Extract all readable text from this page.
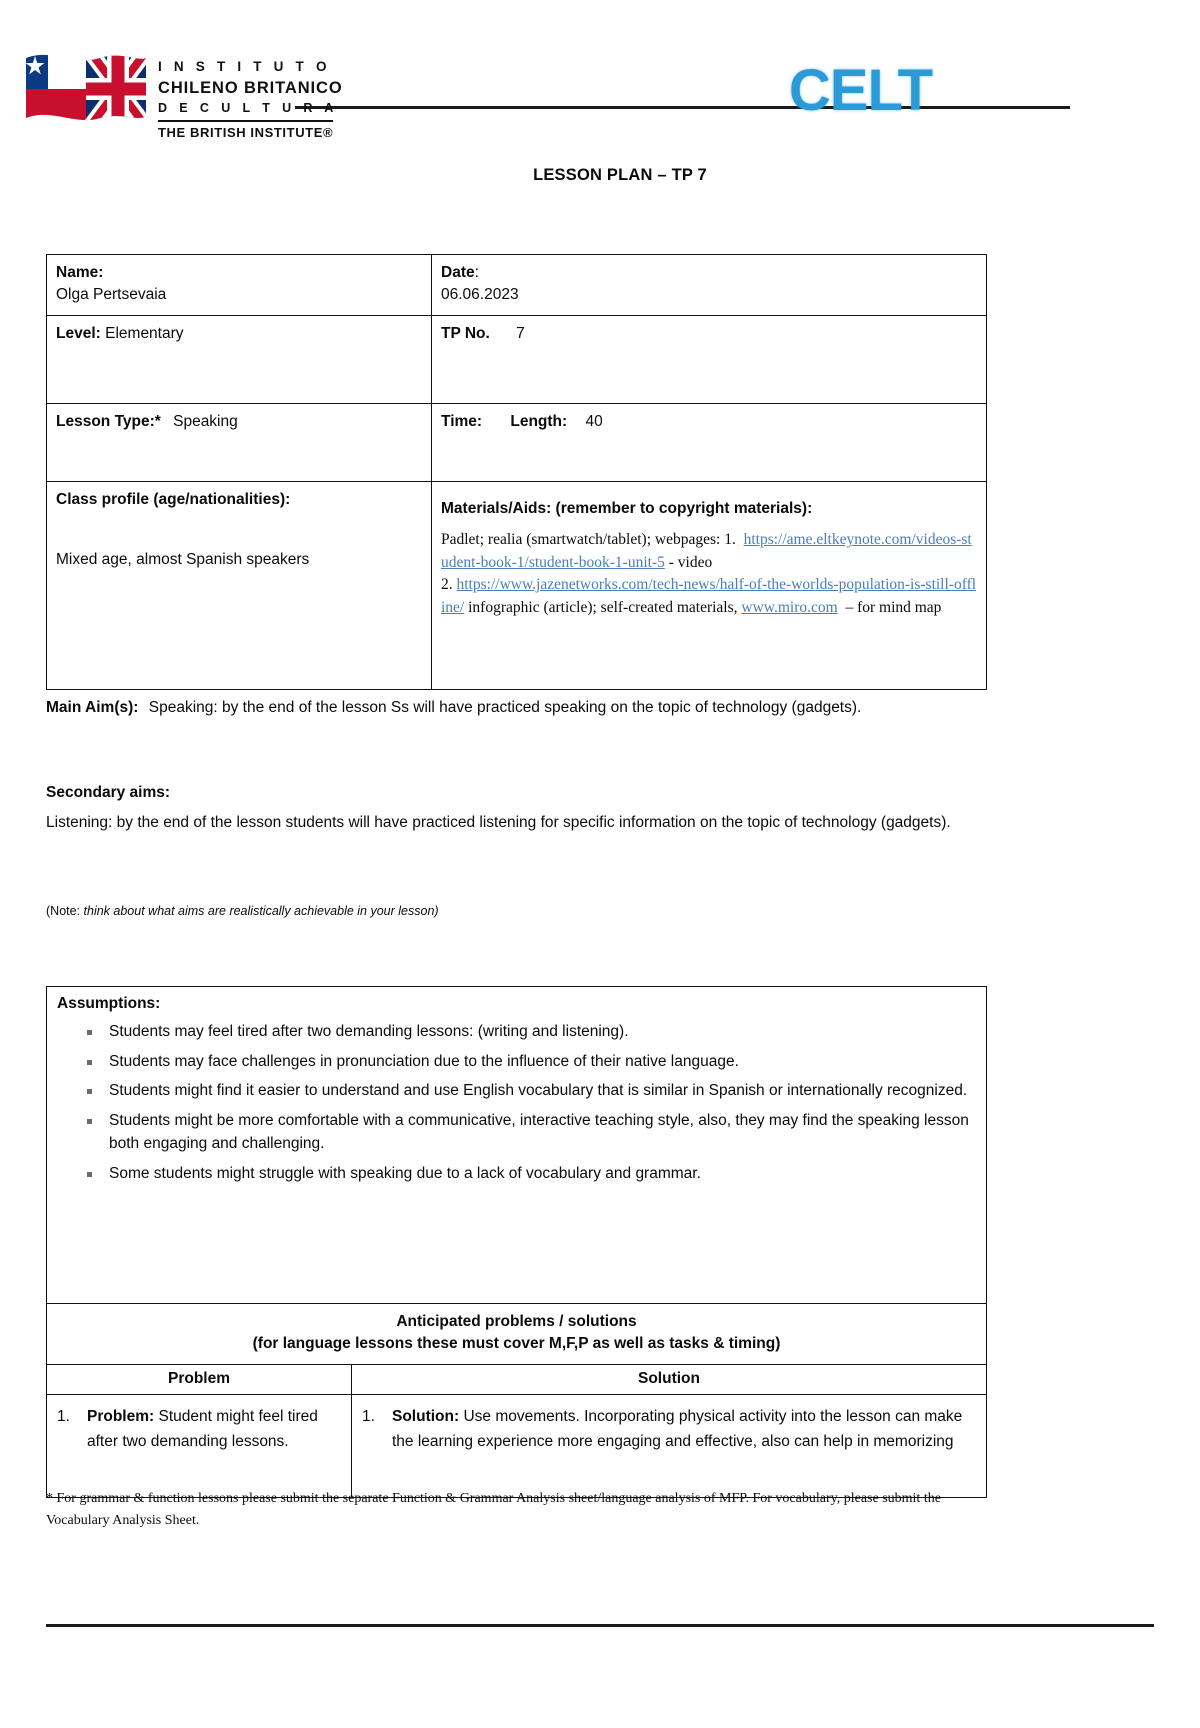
I N S T I T U T O
CHILENO BRITANICO
D E C U L T U R A
THE BRITISH INSTITUTE®
CELT
LESSON PLAN – TP 7
Name:
Olga Pertsevaia

Date:
06.06.2023

Level: Elementary	TP No. 7
Lesson Type:* Speaking	Time: Length: 40

Class profile (age/nationalities):
Mixed age, almost Spanish speakers

Materials/Aids: (remember to copyright materials):
Padlet; realia (smartwatch/tablet); webpages: 1. https://ame.eltkeynote.com/videos-student-book-1/student-book-1-unit-5 - video
2. https://www.jazenetworks.com/tech-news/half-of-the-worlds-population-is-still-offline/ infographic (article); self-created materials, www.miro.com – for mind map
Main Aim(s): Speaking: by the end of the lesson Ss will have practiced speaking on the topic of technology (gadgets).
Secondary aims:
Listening: by the end of the lesson students will have practiced listening for specific information on the topic of technology (gadgets).
(Note: think about what aims are realistically achievable in your lesson)
Assumptions:
Students may feel tired after two demanding lessons: (writing and listening).
Students may face challenges in pronunciation due to the influence of their native language.
Students might find it easier to understand and use English vocabulary that is similar in Spanish or internationally recognized.
Students might be more comfortable with a communicative, interactive teaching style, also, they may find the speaking lesson both engaging and challenging.
Some students might struggle with speaking due to a lack of vocabulary and grammar.

Anticipated problems / solutions
(for language lessons these must cover M,F,P as well as tasks & timing)	

Problem	Solution

1. Problem: Student might feel tired
after two demanding lessons.

1. Solution: Use movements. Incorporating physical activity into the lesson can make
the learning experience more engaging and effective, also can help in memorizing
* For grammar & function lessons please submit the separate Function & Grammar Analysis sheet/language analysis of MFP. For vocabulary, please submit the Vocabulary Analysis Sheet.
